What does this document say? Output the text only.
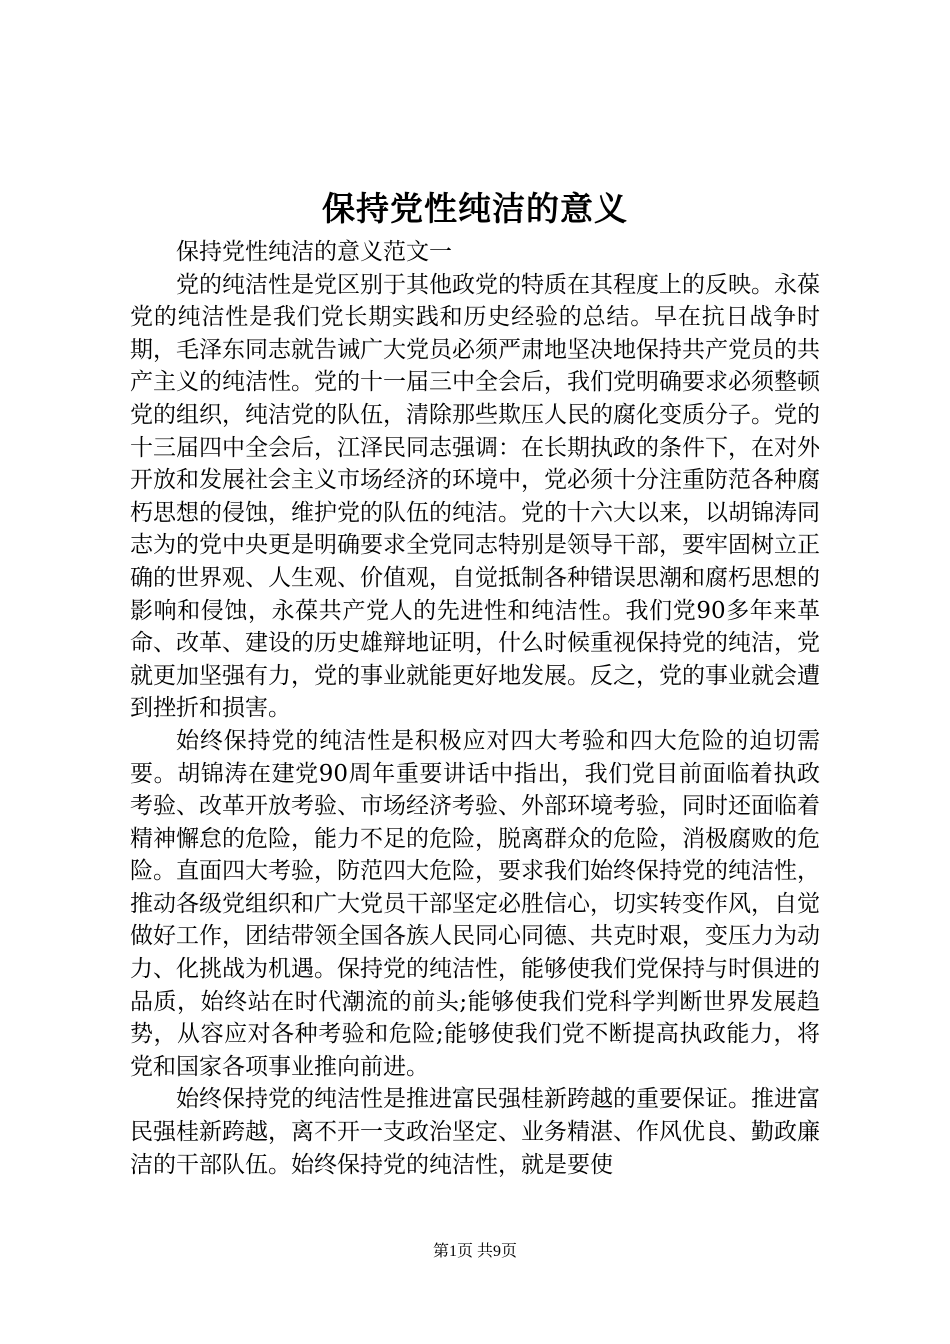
保持党性纯洁的意义

保持党性纯洁的意义范文一

党的纯洁性是党区别于其他政党的特质在其程度上的反映。永葆党的纯洁性是我们党长期实践和历史经验的总结。早在抗日战争时期，毛泽东同志就告诫广大党员必须严肃地坚决地保持共产党员的共产主义的纯洁性。党的十一届三中全会后，我们党明确要求必须整顿党的组织，纯洁党的队伍，清除那些欺压人民的腐化变质分子。党的十三届四中全会后，江泽民同志强调：在长期执政的条件下，在对外开放和发展社会主义市场经济的环境中，党必须十分注重防范各种腐朽思想的侵蚀，维护党的队伍的纯洁。党的十六大以来，以胡锦涛同志为的党中央更是明确要求全党同志特别是领导干部，要牢固树立正确的世界观、人生观、价值观，自觉抵制各种错误思潮和腐朽思想的影响和侵蚀，永葆共产党人的先进性和纯洁性。我们党90多年来革命、改革、建设的历史雄辩地证明，什么时候重视保持党的纯洁，党就更加坚强有力，党的事业就能更好地发展。反之，党的事业就会遭到挫折和损害。

始终保持党的纯洁性是积极应对四大考验和四大危险的迫切需要。胡锦涛在建党90周年重要讲话中指出，我们党目前面临着执政考验、改革开放考验、市场经济考验、外部环境考验，同时还面临着精神懈怠的危险，能力不足的危险，脱离群众的危险，消极腐败的危险。直面四大考验，防范四大危险，要求我们始终保持党的纯洁性，推动各级党组织和广大党员干部坚定必胜信心，切实转变作风，自觉做好工作，团结带领全国各族人民同心同德、共克时艰，变压力为动力、化挑战为机遇。保持党的纯洁性，能够使我们党保持与时俱进的品质，始终站在时代潮流的前头;能够使我们党科学判断世界发展趋势，从容应对各种考验和危险;能够使我们党不断提高执政能力，将党和国家各项事业推向前进。

始终保持党的纯洁性是推进富民强桂新跨越的重要保证。推进富民强桂新跨越，离不开一支政治坚定、业务精湛、作风优良、勤政廉洁的干部队伍。始终保持党的纯洁性，就是要使

第1页 共9页
